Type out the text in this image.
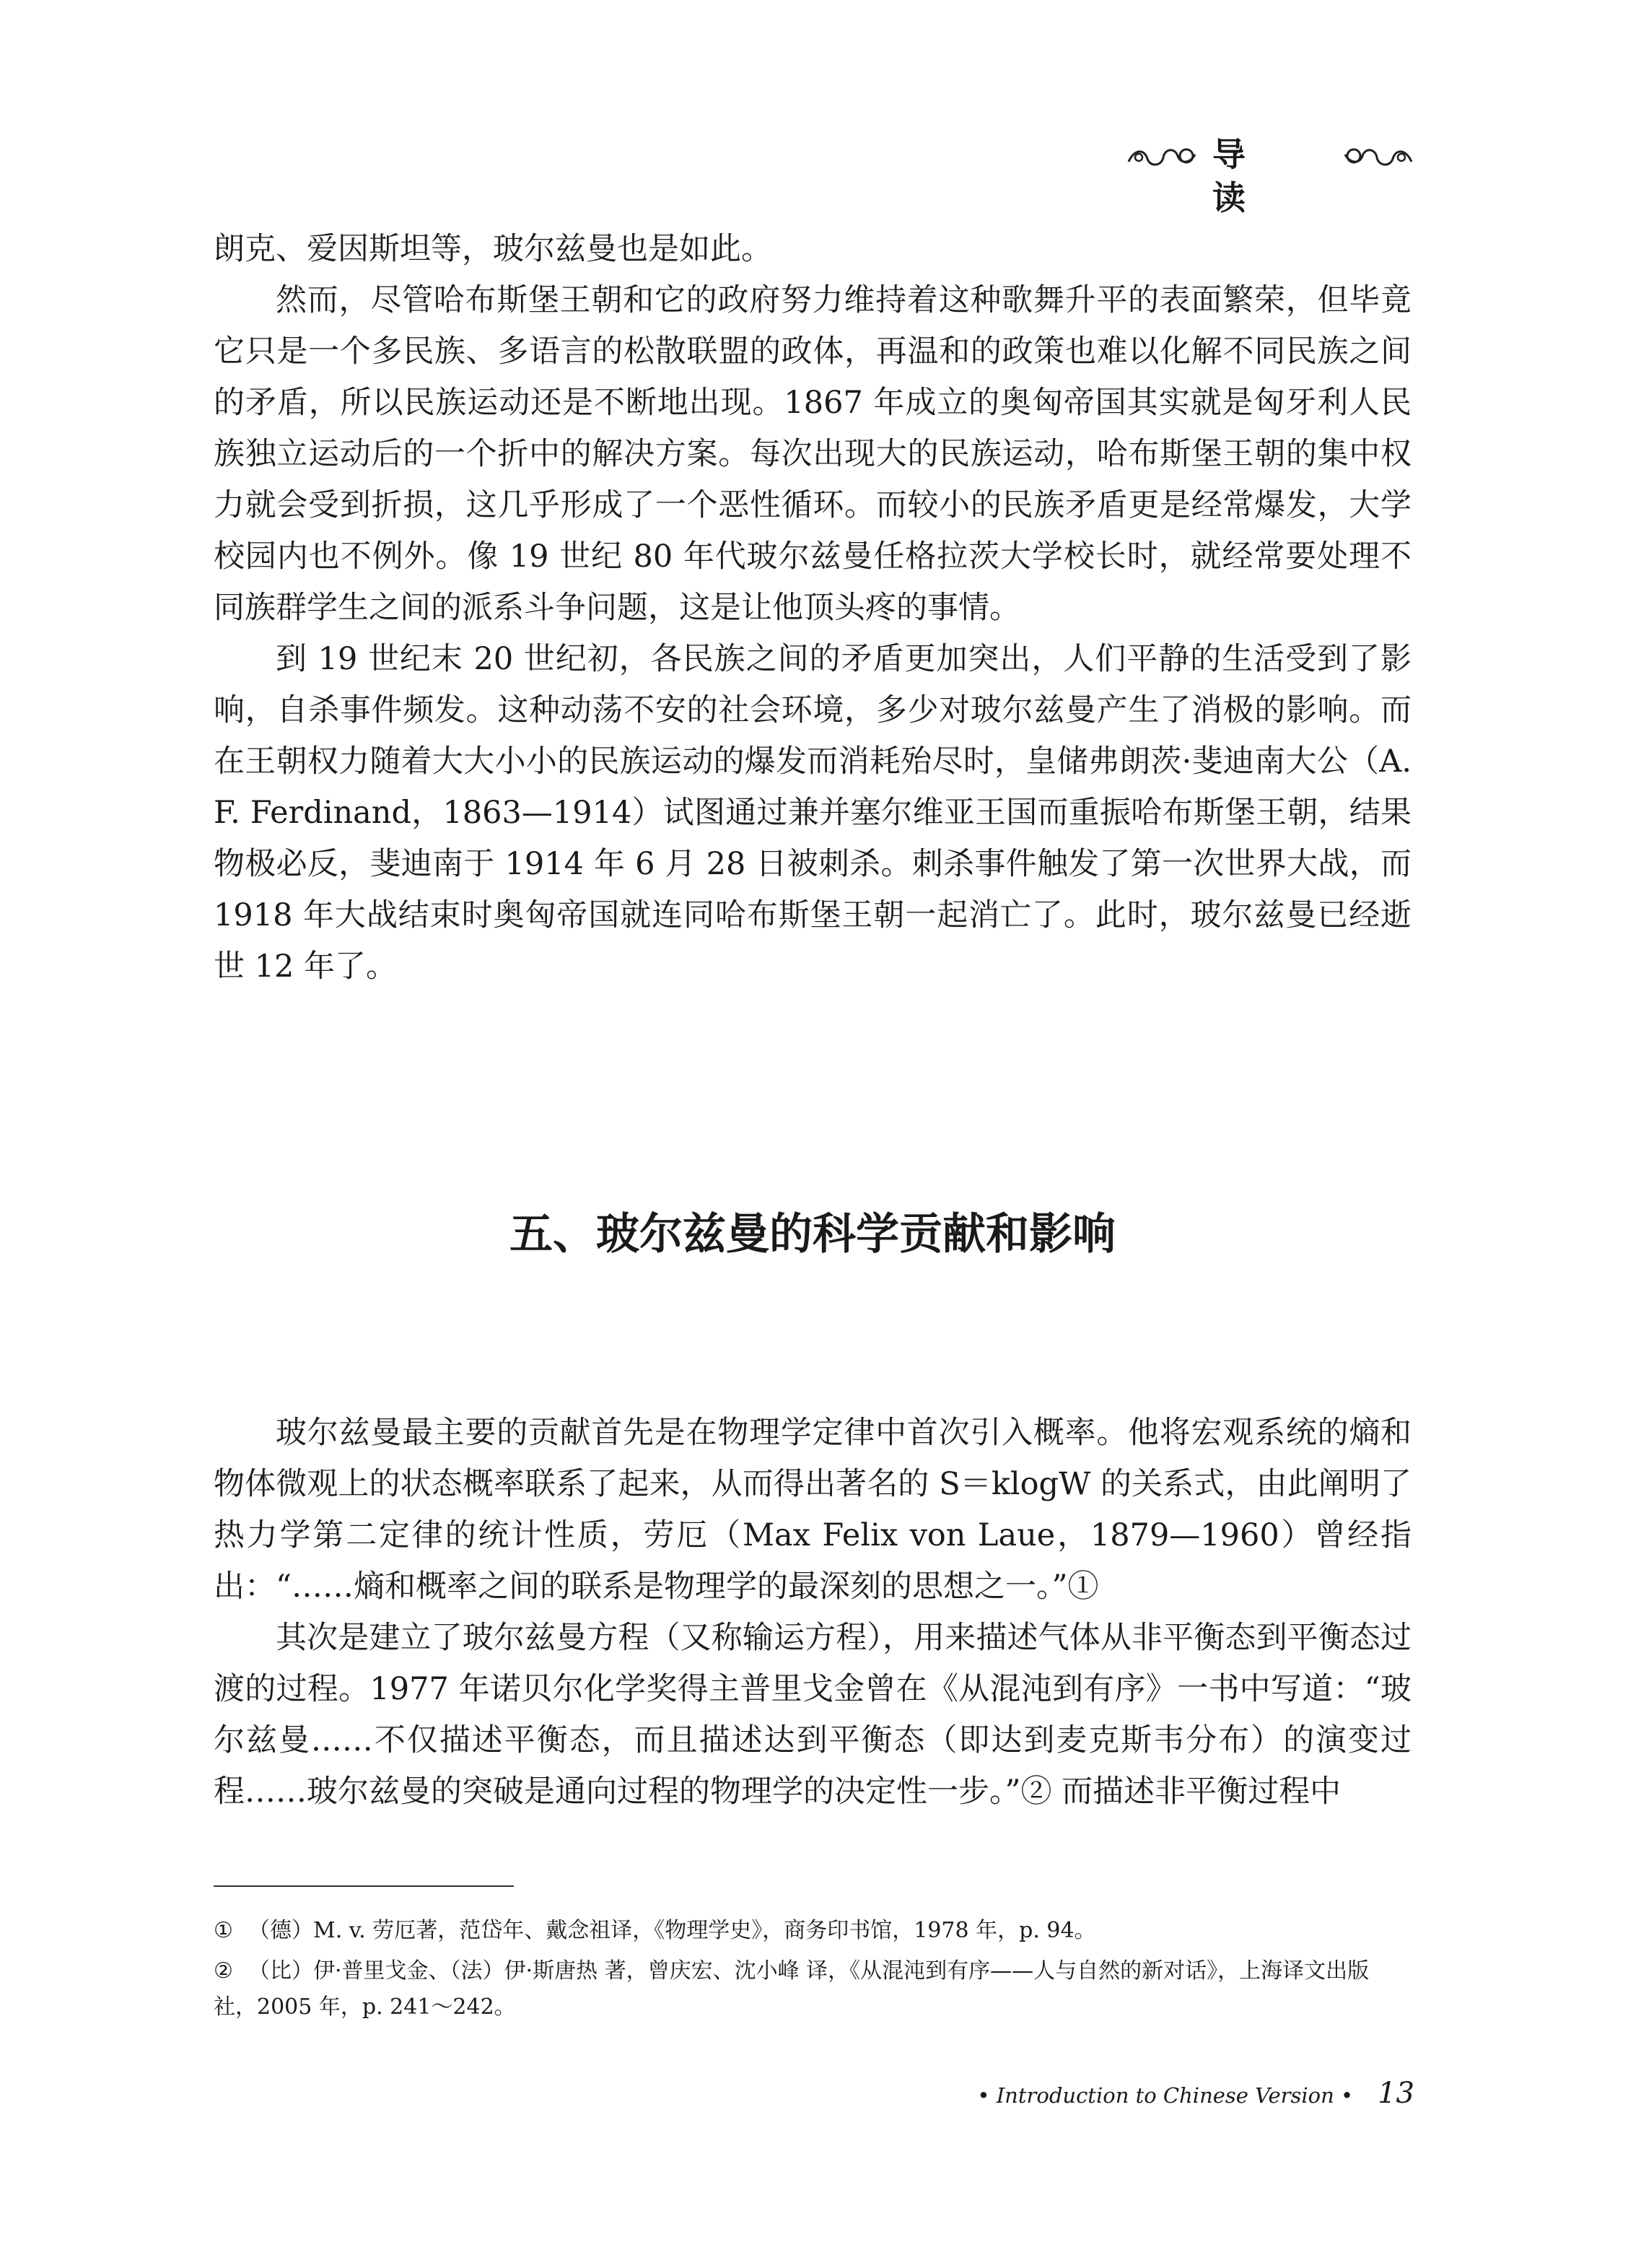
导　读

朗克、爱因斯坦等，玻尔兹曼也是如此。

然而，尽管哈布斯堡王朝和它的政府努力维持着这种歌舞升平的表面繁荣，但毕竟它只是一个多民族、多语言的松散联盟的政体，再温和的政策也难以化解不同民族之间的矛盾，所以民族运动还是不断地出现。1867 年成立的奥匈帝国其实就是匈牙利人民族独立运动后的一个折中的解决方案。每次出现大的民族运动，哈布斯堡王朝的集中权力就会受到折损，这几乎形成了一个恶性循环。而较小的民族矛盾更是经常爆发，大学校园内也不例外。像 19 世纪 80 年代玻尔兹曼任格拉茨大学校长时，就经常要处理不同族群学生之间的派系斗争问题，这是让他顶头疼的事情。

到 19 世纪末 20 世纪初，各民族之间的矛盾更加突出，人们平静的生活受到了影响，自杀事件频发。这种动荡不安的社会环境，多少对玻尔兹曼产生了消极的影响。而在王朝权力随着大大小小的民族运动的爆发而消耗殆尽时，皇储弗朗茨·斐迪南大公（A. F. Ferdinand，1863—1914）试图通过兼并塞尔维亚王国而重振哈布斯堡王朝，结果物极必反，斐迪南于 1914 年 6 月 28 日被刺杀。刺杀事件触发了第一次世界大战，而 1918 年大战结束时奥匈帝国就连同哈布斯堡王朝一起消亡了。此时，玻尔兹曼已经逝世 12 年了。

五、玻尔兹曼的科学贡献和影响

玻尔兹曼最主要的贡献首先是在物理学定律中首次引入概率。他将宏观系统的熵和物体微观上的状态概率联系了起来，从而得出著名的 S＝klogW 的关系式，由此阐明了热力学第二定律的统计性质，劳厄（Max Felix von Laue，1879—1960）曾经指出：“……熵和概率之间的联系是物理学的最深刻的思想之一。”①

其次是建立了玻尔兹曼方程（又称输运方程），用来描述气体从非平衡态到平衡态过渡的过程。1977 年诺贝尔化学奖得主普里戈金曾在《从混沌到有序》一书中写道：“玻尔兹曼……不仅描述平衡态，而且描述达到平衡态（即达到麦克斯韦分布）的演变过程……玻尔兹曼的突破是通向过程的物理学的决定性一步。”② 而描述非平衡过程中

① （德）M. v. 劳厄著，范岱年、戴念祖译，《物理学史》，商务印书馆，1978 年，p. 94。

② （比）伊·普里戈金、（法）伊·斯唐热 著，曾庆宏、沈小峰 译，《从混沌到有序——人与自然的新对话》，上海译文出版社，2005 年，p. 241～242。

• Introduction to Chinese Version • 13
